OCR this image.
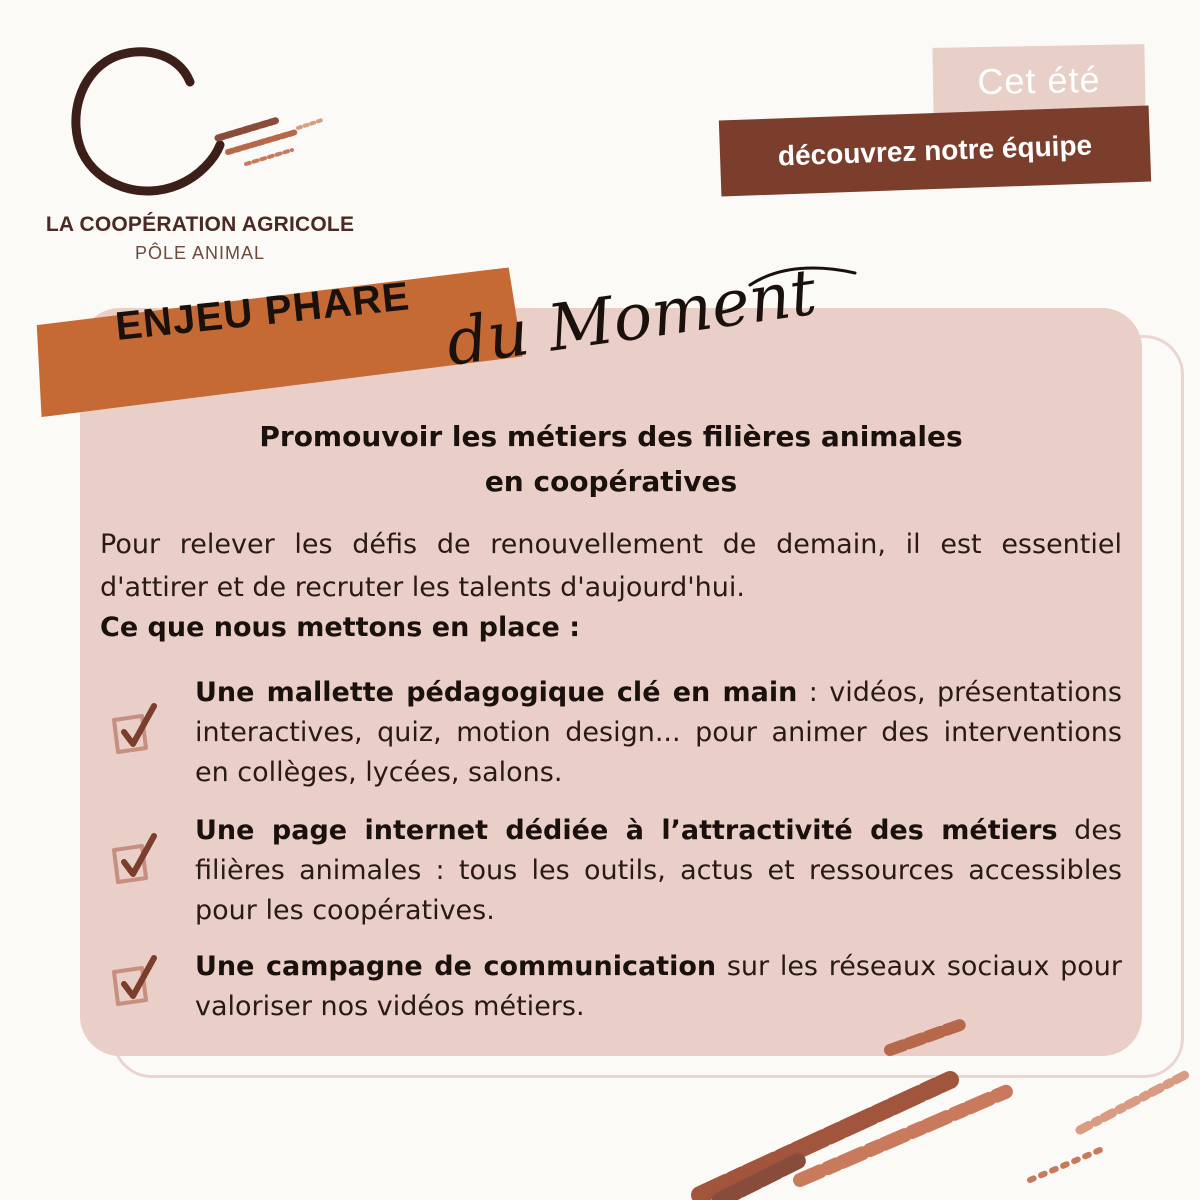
LA COOPÉRATION AGRICOLE
PÔLE ANIMAL
Cet été
découvrez notre équipe
ENJEU PHARE du Moment
Promouvoir les métiers des filières animales
en coopératives
Pour relever les défis de renouvellement de demain, il est essentiel d'attirer et de recruter les talents d'aujourd'hui.
Ce que nous mettons en place :
Une mallette pédagogique clé en main : vidéos, présentations interactives, quiz, motion design... pour animer des interventions en collèges, lycées, salons.
Une page internet dédiée à l’attractivité des métiers des filières animales : tous les outils, actus et ressources accessibles pour les coopératives.
Une campagne de communication sur les réseaux sociaux pour valoriser nos vidéos métiers.
